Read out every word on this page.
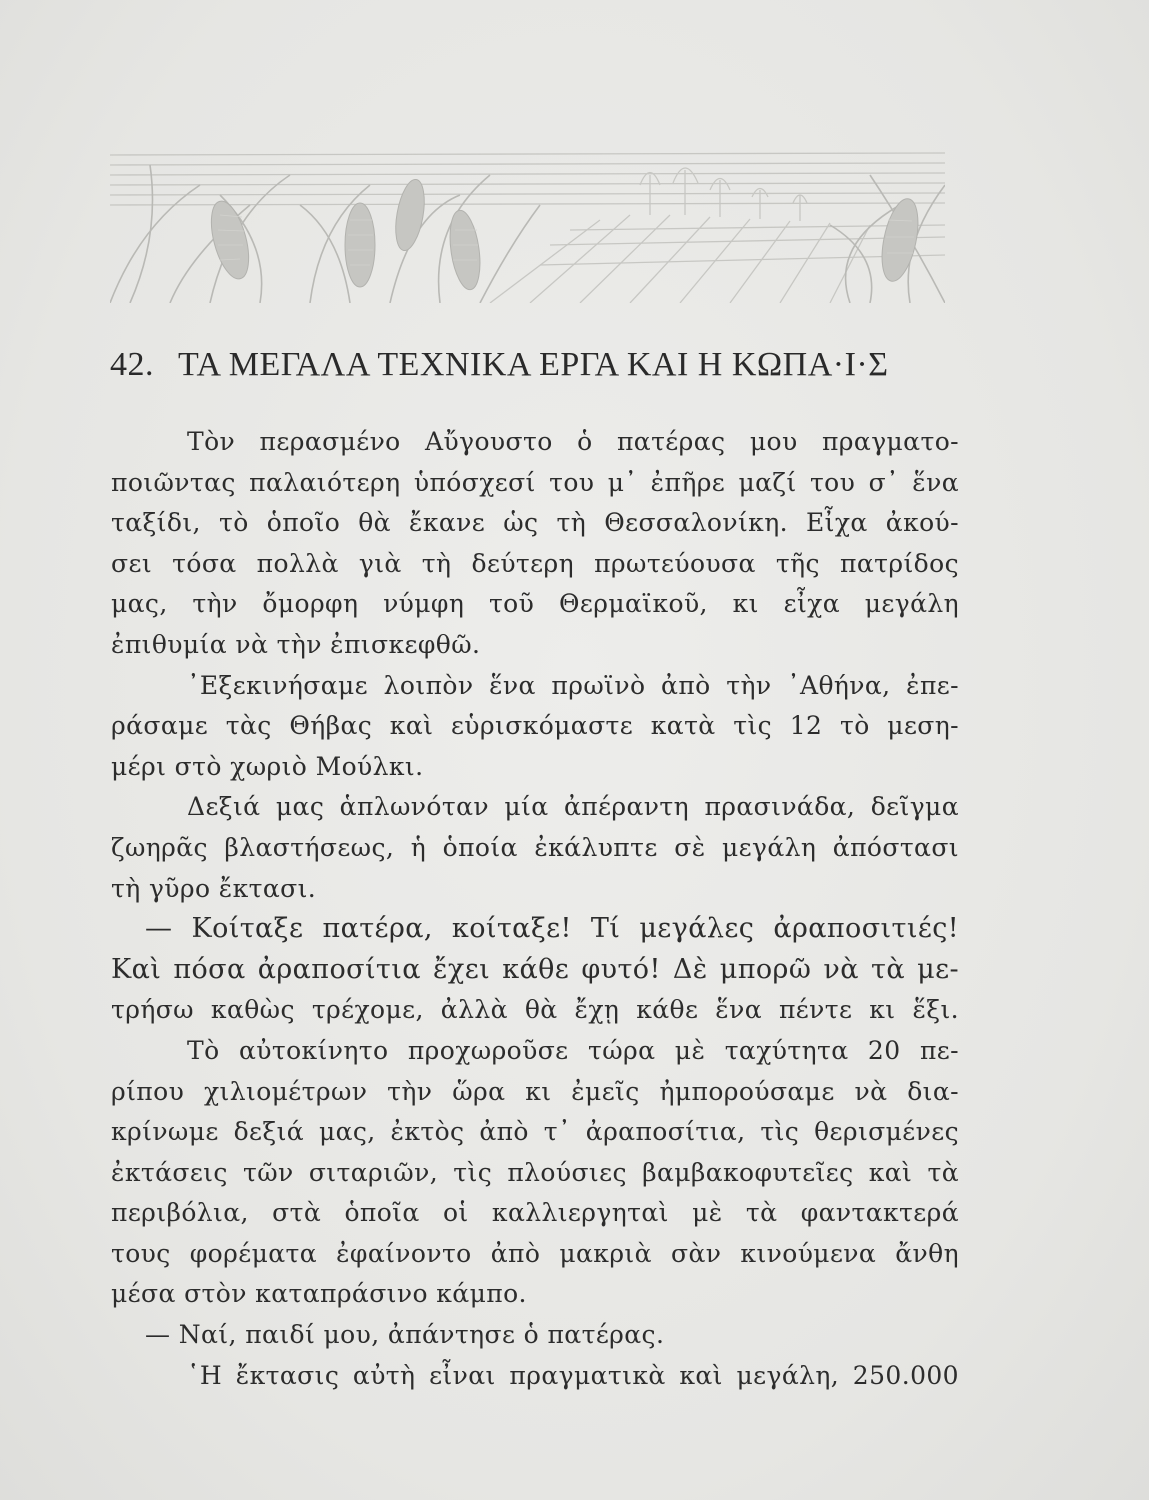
42. ΤΑ ΜΕΓΑΛΑ ΤΕΧΝΙΚΑ ΕΡΓΑ ΚΑΙ Η ΚΩΠΑ·Ι·Σ
Τὸν περασμένο Αὔγουστο ὁ πατέρας μου πραγματο-
ποιῶντας παλαιότερη ὑπόσχεσί του μ᾿ ἐπῆρε μαζί του σ᾿ ἕνα
ταξίδι, τὸ ὁποῖο θὰ ἔκανε ὡς τὴ Θεσσαλονίκη. Εἶχα ἀκού-
σει τόσα πολλὰ γιὰ τὴ δεύτερη πρωτεύουσα τῆς πατρίδος
μας, τὴν ὄμορφη νύμφη τοῦ Θερμαϊκοῦ, κι εἶχα μεγάλη
ἐπιθυμία νὰ τὴν ἐπισκεφθῶ.
᾿Εξεκινήσαμε λοιπὸν ἕνα πρωϊνὸ ἀπὸ τὴν ᾿Αθήνα, ἐπε-
ράσαμε τὰς Θήβας καὶ εὑρισκόμαστε κατὰ τὶς 12 τὸ μεση-
μέρι στὸ χωριὸ Μούλκι.
Δεξιά μας ἁπλωνόταν μία ἀπέραντη πρασινάδα, δεῖγμα
ζωηρᾶς βλαστήσεως, ἡ ὁποία ἐκάλυπτε σὲ μεγάλη ἀπόστασι
τὴ γῦρο ἔκτασι.
— Κοίταξε πατέρα, κοίταξε! Τί μεγάλες ἀραποσιτιές!
Καὶ πόσα ἀραποσίτια ἔχει κάθε φυτό! Δὲ μπορῶ νὰ τὰ με-
τρήσω καθὼς τρέχομε, ἀλλὰ θὰ ἔχῃ κάθε ἕνα πέντε κι ἕξι.
Τὸ αὐτοκίνητο προχωροῦσε τώρα μὲ ταχύτητα 20 πε-
ρίπου χιλιομέτρων τὴν ὥρα κι ἐμεῖς ἠμπορούσαμε νὰ δια-
κρίνωμε δεξιά μας, ἐκτὸς ἀπὸ τ᾿ ἀραποσίτια, τὶς θερισμένες
ἐκτάσεις τῶν σιταριῶν, τὶς πλούσιες βαμβακοφυτεῖες καὶ τὰ
περιβόλια, στὰ ὁποῖα οἱ καλλιεργηταὶ μὲ τὰ φαντακτερά
τους φορέματα ἐφαίνοντο ἀπὸ μακριὰ σὰν κινούμενα ἄνθη
μέσα στὸν καταπράσινο κάμπο.
— Ναί, παιδί μου, ἀπάντησε ὁ πατέρας.
῾Η ἔκτασις αὐτὴ εἶναι πραγματικὰ καὶ μεγάλη, 250.000
